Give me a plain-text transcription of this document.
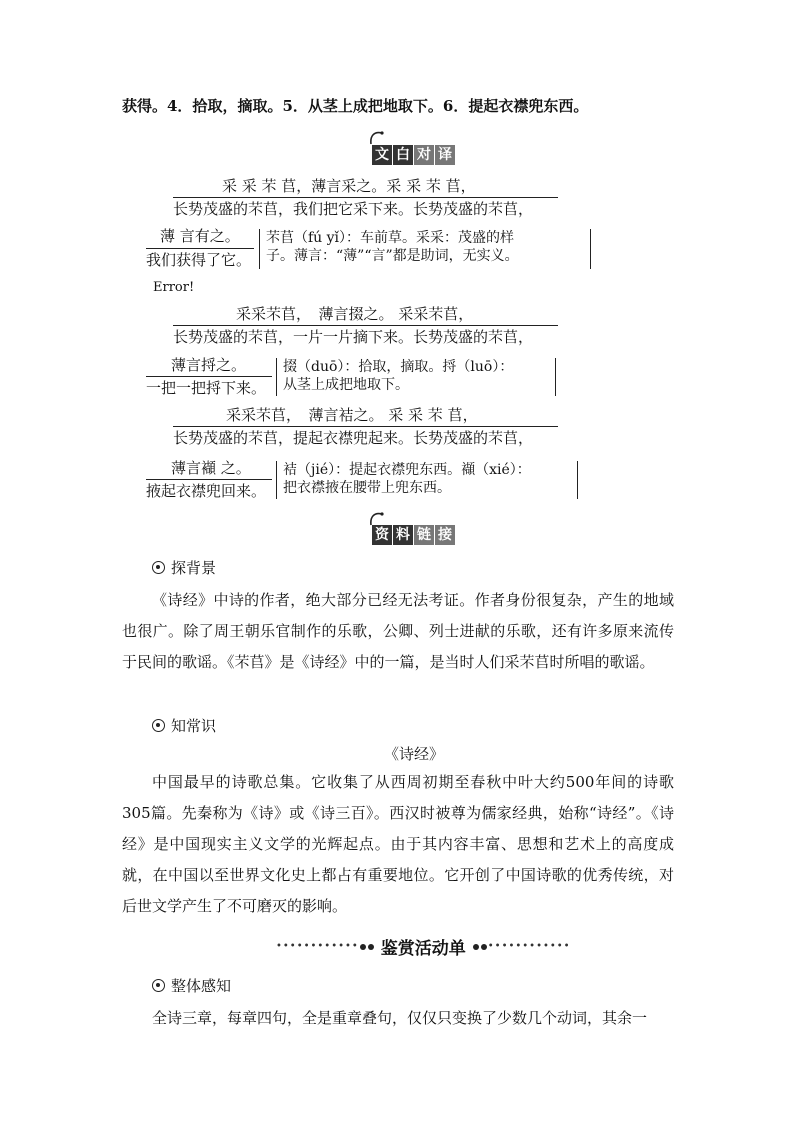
获得。4．拾取，摘取。5．从茎上成把地取下。6．提起衣襟兜东西。
文 白 对 译
采 采 芣 苢，薄言采之。采 采 芣 苢，
长势茂盛的芣苢，我们把它采下来。长势茂盛的芣苢，
薄 言有之。
我们获得了它。
芣苢（fú yǐ）：车前草。采采：茂盛的样
子。薄言：“薄”“言”都是助词，无实义。
Error!
采采芣苢，　薄言掇之。 采采芣苢，
长势茂盛的芣苢，一片一片摘下来。长势茂盛的芣苢，
薄言捋之。
一把一把捋下来。
掇（duō）：拾取，摘取。捋（luō）：
从茎上成把地取下。
采采芣苢，　薄言袺之。 采 采 芣 苢，
长势茂盛的芣苢，提起衣襟兜起来。长势茂盛的芣苢，
薄言襭 之。
掖起衣襟兜回来。
袺（jié）：提起衣襟兜东西。襭（xié）：
把衣襟掖在腰带上兜东西。
资 料 链 接
探背景
《诗经》中诗的作者，绝大部分已经无法考证。作者身份很复杂，产生的地域也很广。除了周王朝乐官制作的乐歌，公卿、列士进献的乐歌，还有许多原来流传于民间的歌谣。《芣苢》是《诗经》中的一篇，是当时人们采芣苢时所唱的歌谣。
知常识
《诗经》
中国最早的诗歌总集。它收集了从西周初期至春秋中叶大约500年间的诗歌305篇。先秦称为《诗》或《诗三百》。西汉时被尊为儒家经典，始称“诗经”。《诗经》是中国现实主义文学的光辉起点。由于其内容丰富、思想和艺术上的高度成就，在中国以至世界文化史上都占有重要地位。它开创了中国诗歌的优秀传统，对后世文学产生了不可磨灭的影响。
•••••••••••• 鉴赏活动单 ••••••••••••
整体感知
全诗三章，每章四句，全是重章叠句，仅仅只变换了少数几个动词，其余一
